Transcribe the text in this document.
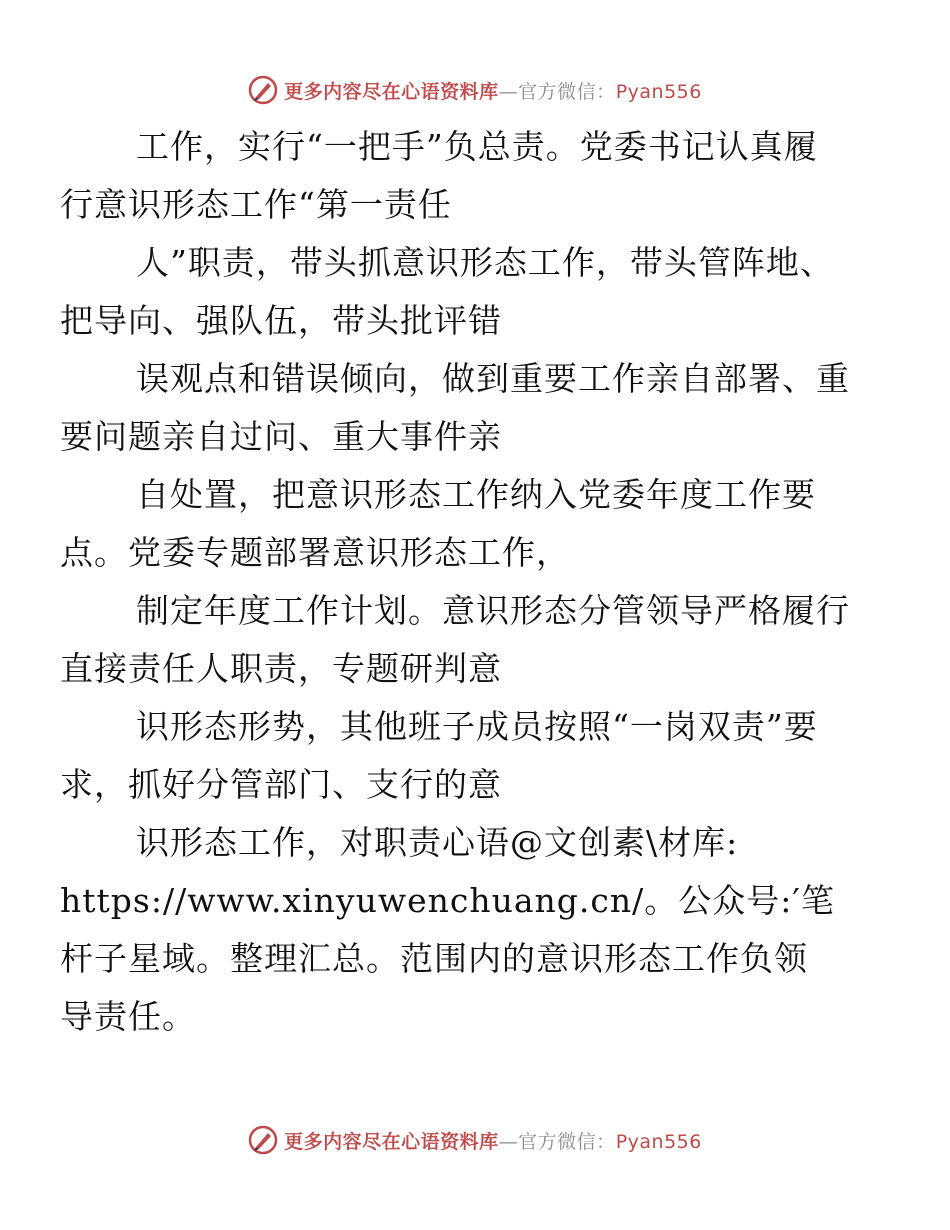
更多内容尽在心语资料库—官方微信：Pyan556

工作，实行“一把手”负总责。党委书记认真履
行意识形态工作“第一责任

人”职责，带头抓意识形态工作，带头管阵地、
把导向、强队伍，带头批评错

误观点和错误倾向，做到重要工作亲自部署、重
要问题亲自过问、重大事件亲

自处置，把意识形态工作纳入党委年度工作要
点。党委专题部署意识形态工作，

制定年度工作计划。意识形态分管领导严格履行
直接责任人职责，专题研判意

识形态形势，其他班子成员按照“一岗双责”要
求，抓好分管部门、支行的意

识形态工作，对职责心语@文创素\材库:
https://www.xinyuwenchuang.cn/。公众号:′笔
杆子星域。整理汇总。范围内的意识形态工作负领
导责任。

更多内容尽在心语资料库—官方微信：Pyan556
